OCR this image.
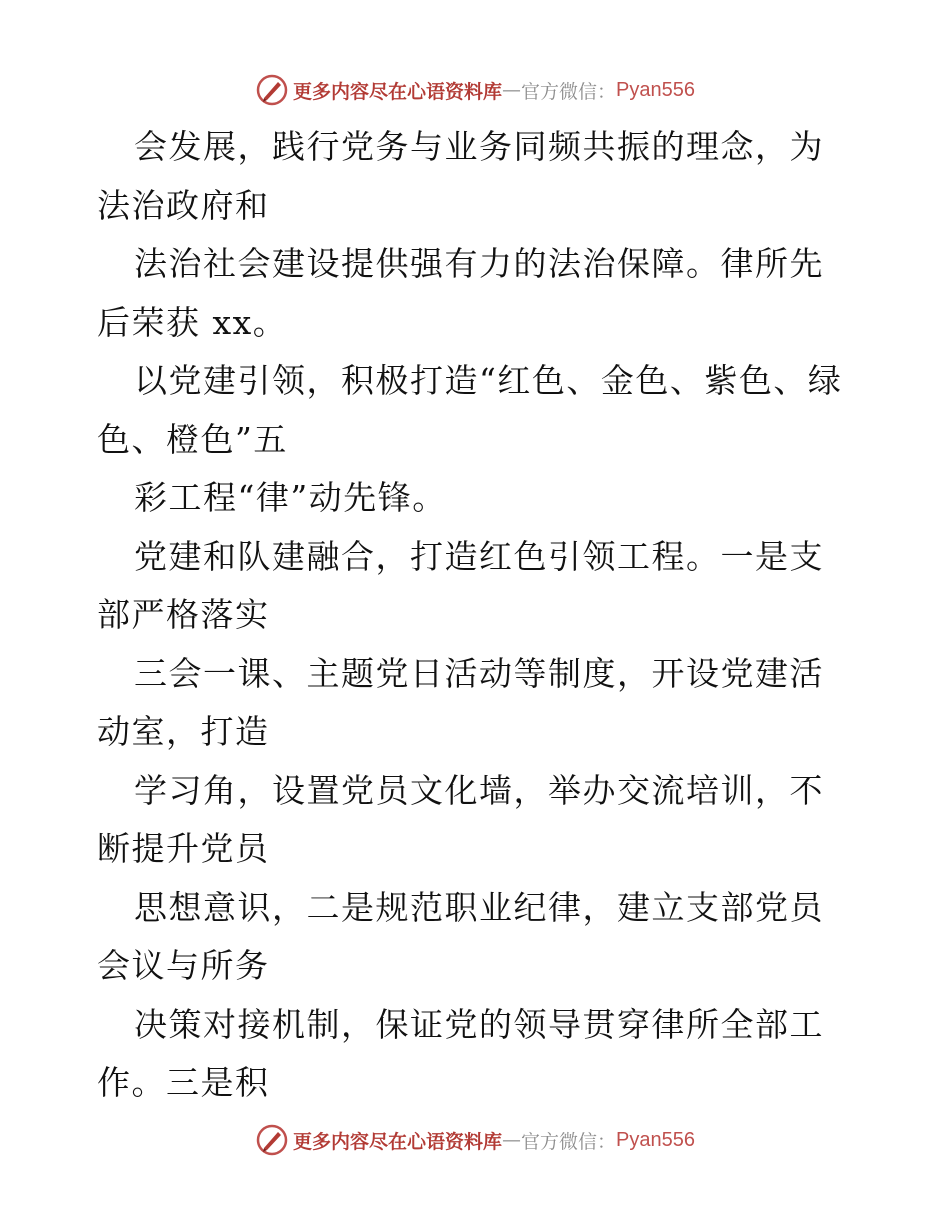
更多内容尽在心语资料库 — 官方微信： Pyan556

会发展，践行党务与业务同频共振的理念，为法治政府和

法治社会建设提供强有力的法治保障。律所先后荣获 xx。

以党建引领，积极打造“红色、金色、紫色、绿色、橙色”五

彩工程“律”动先锋。

党建和队建融合，打造红色引领工程。一是支部严格落实

三会一课、主题党日活动等制度，开设党建活动室，打造

学习角，设置党员文化墙，举办交流培训，不断提升党员

思想意识，二是规范职业纪律，建立支部党员会议与所务

决策对接机制，保证党的领导贯穿律所全部工作。三是积

更多内容尽在心语资料库 — 官方微信： Pyan556
